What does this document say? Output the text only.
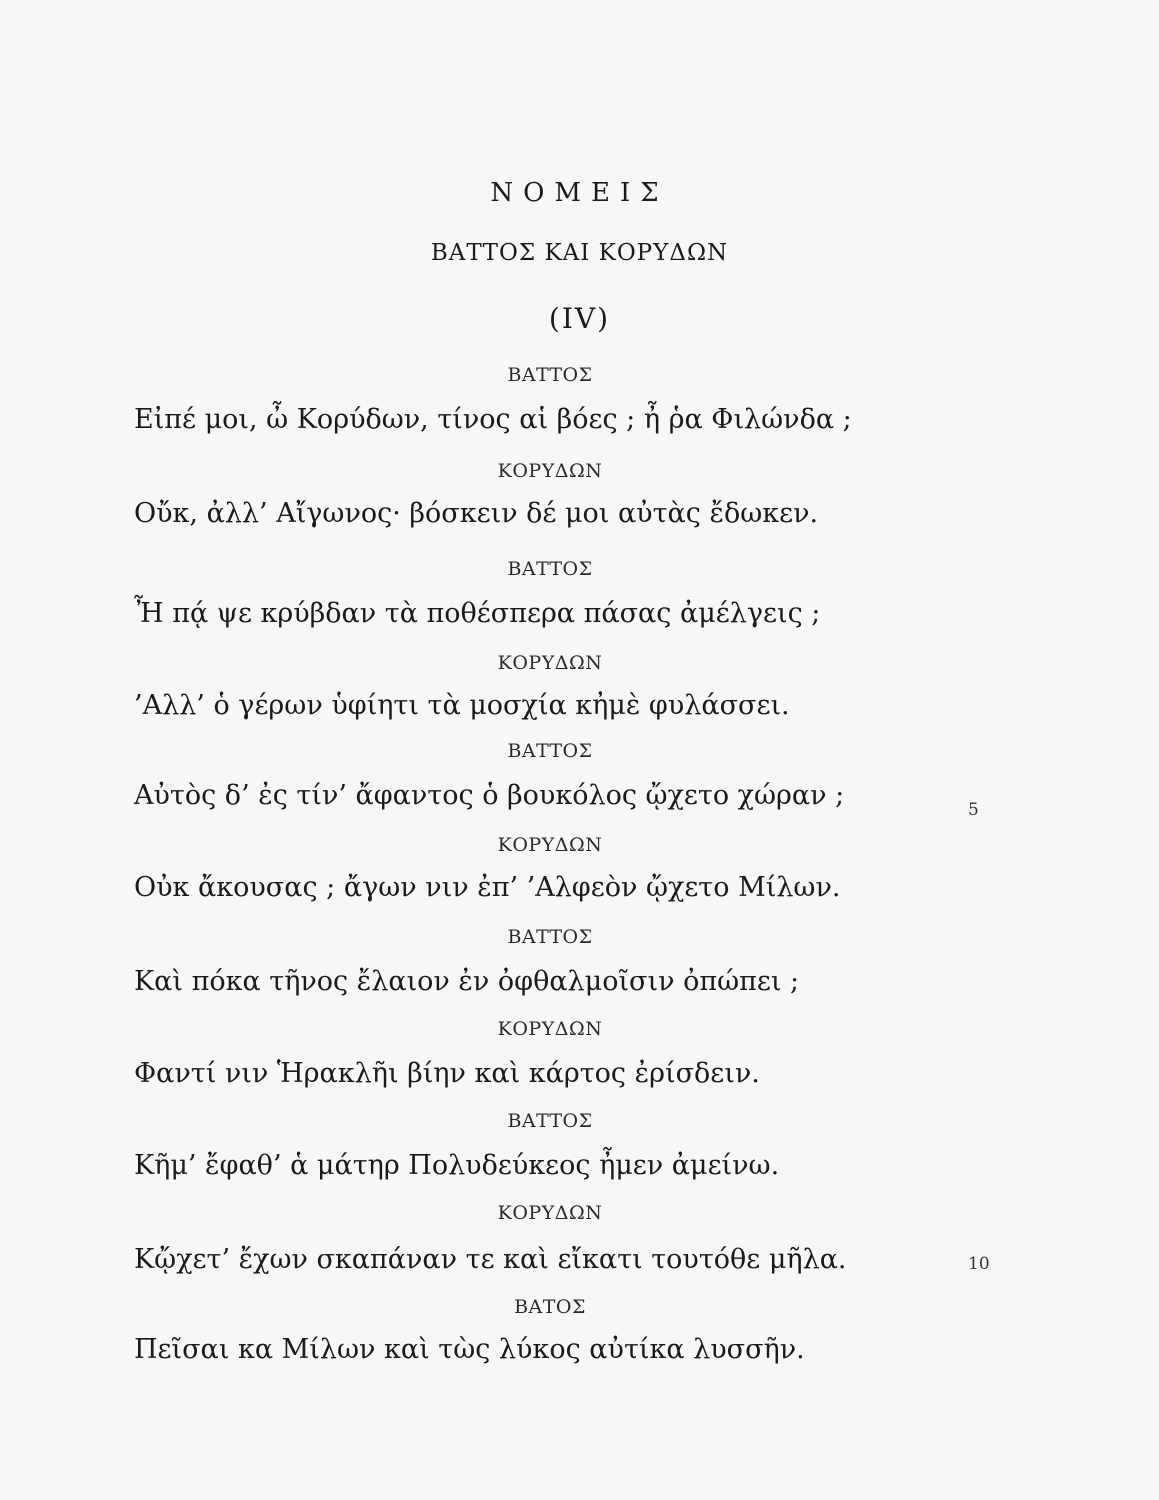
ΝΟΜΕΙΣ
ΒΑΤΤΟΣ ΚΑΙ ΚΟΡΥΔΩΝ
(IV)
ΒΑΤΤΟΣ
Εἰπέ μοι, ὦ Κορύδων, τίνος αἱ βόες ; ἦ ῥα Φιλώνδα ;
ΚΟΡΥΔΩΝ
Οὔκ, ἀλλ’ Αἴγωνος· βόσκειν δέ μοι αὐτὰς ἔδωκεν.
ΒΑΤΤΟΣ
Ἦ πᾴ ψε κρύβδαν τὰ ποθέσπερα πάσας ἀμέλγεις ;
ΚΟΡΥΔΩΝ
’Αλλ’ ὁ γέρων ὑφίητι τὰ μοσχία κἠμὲ φυλάσσει.
ΒΑΤΤΟΣ
Αὐτὸς δ’ ἐς τίν’ ἄφαντος ὁ βουκόλος ᾤχετο χώραν ;	5
ΚΟΡΥΔΩΝ
Οὐκ ἄκουσας ; ἄγων νιν ἐπ’ ’Αλφεὸν ᾤχετο Μίλων.
ΒΑΤΤΟΣ
Καὶ πόκα τῆνος ἔλαιον ἐν ὀφθαλμοῖσιν ὀπώπει ;
ΚΟΡΥΔΩΝ
Φαντί νιν Ἡρακλῆι βίην καὶ κάρτος ἐρίσδειν.
ΒΑΤΤΟΣ
Κῆμ’ ἔφαθ’ ἁ μάτηρ Πολυδεύκεος ἦμεν ἀμείνω.
ΚΟΡΥΔΩΝ
Κᾤχετ’ ἔχων σκαπάναν τε καὶ εἴκατι τουτόθε μῆλα.	10
ΒΑΤΟΣ
Πεῖσαι κα Μίλων καὶ τὼς λύκος αὐτίκα λυσσῆν.
